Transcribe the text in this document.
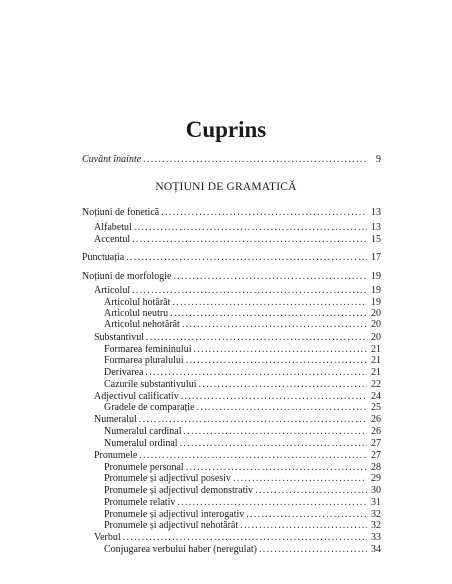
Cuprins
NOȚIUNI DE GRAMATICĂ
Cuvânt înainte . . .	9
Noțiuni de fonetică . . .	13
Alfabetul . . .	13
Accentul . . .	15
Punctuația . . .	17
Noțiuni de morfologie . . .	19
Articolul . . .	19
Articolul hotărât . . .	19
Articolul neutru . . .	20
Articolul nehotărât . . .	20
Substantivul . . .	20
Formarea femininului . . .	21
Formarea pluralului . . .	21
Derivarea . . .	21
Cazurile substantivului . . .	22
Adjectivul calificativ . . .	24
Gradele de comparație . . .	25
Numeralul . . .	26
Numeralul cardinal . . .	26
Numeralul ordinal . . .	27
Pronumele . . .	27
Pronumele personal . . .	28
Pronumele și adjectivul posesiv . . .	29
Pronumele și adjectivul demonstrativ . . .	30
Pronumele relativ . . .	31
Pronumele și adjectivul interogativ . . .	32
Pronumele și adjectivul nehotărât . . .	32
Verbul . . .	33
Conjugarea verbului haber (neregulat) . . .	34
